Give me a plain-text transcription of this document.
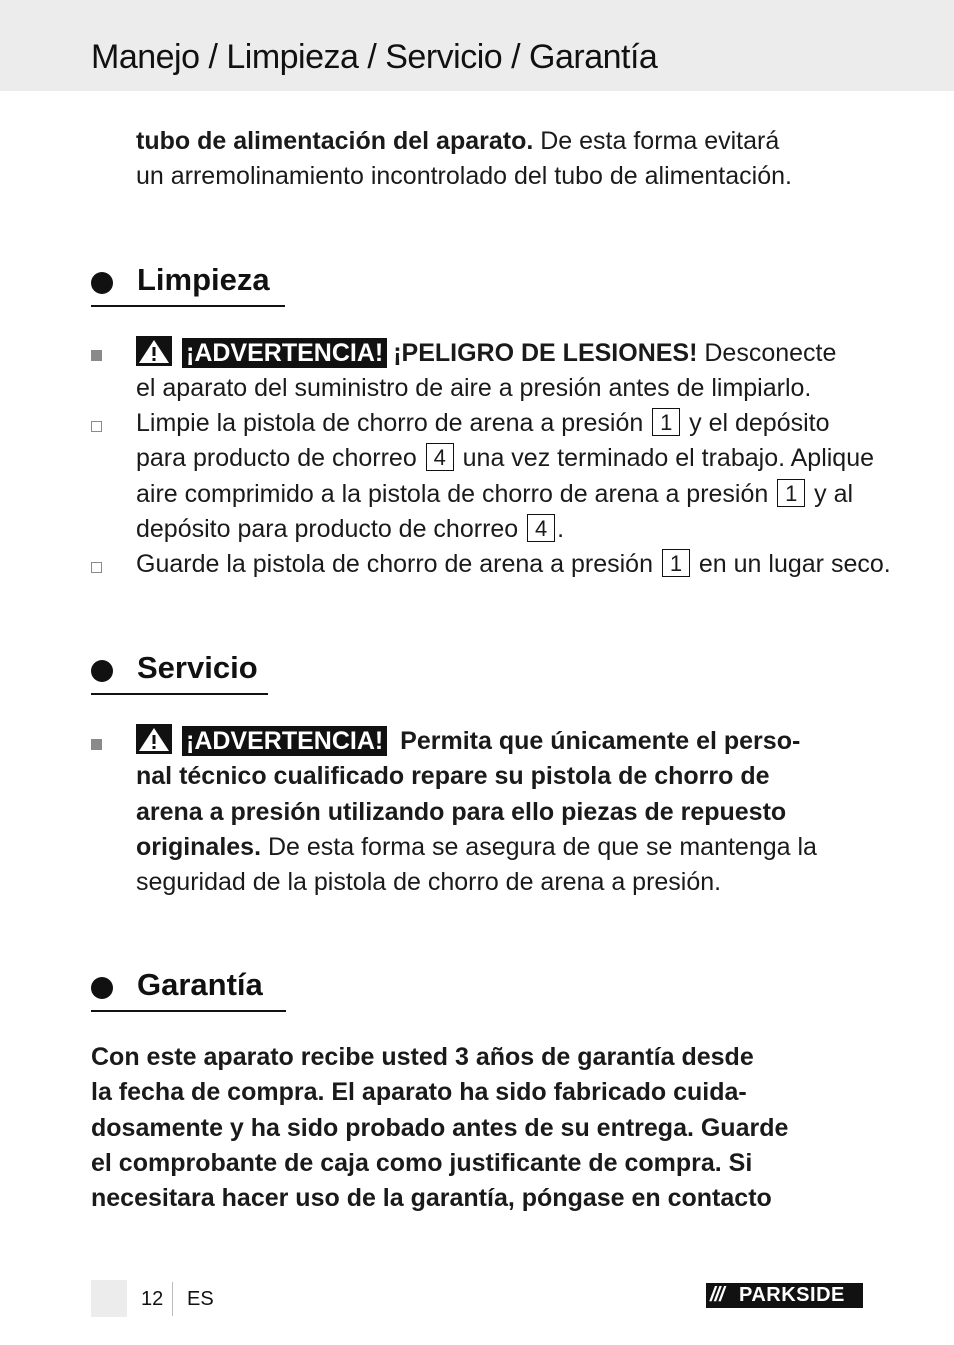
Manejo / Limpieza / Servicio / Garantía
tubo de alimentación del aparato. De esta forma evitará
un arremolinamiento incontrolado del tubo de alimentación.
Limpieza
¡ADVERTENCIA! ¡PELIGRO DE LESIONES! Desconecte
el aparato del suministro de aire a presión antes de limpiarlo.
Limpie la pistola de chorro de arena a presión 1 y el depósito
para producto de chorreo 4 una vez terminado el trabajo. Aplique
aire comprimido a la pistola de chorro de arena a presión 1 y al
depósito para producto de chorreo 4 .
Guarde la pistola de chorro de arena a presión 1 en un lugar seco.
Servicio
¡ADVERTENCIA! Permita que únicamente el perso-
nal técnico cualificado repare su pistola de chorro de
arena a presión utilizando para ello piezas de repuesto
originales. De esta forma se asegura de que se mantenga la
seguridad de la pistola de chorro de arena a presión.
Garantía
Con este aparato recibe usted 3 años de garantía desde
la fecha de compra. El aparato ha sido fabricado cuida-
dosamente y ha sido probado antes de su entrega. Guarde
el comprobante de caja como justificante de compra. Si
necesitara hacer uso de la garantía, póngase en contacto
12 ES	/// PARKSIDE
